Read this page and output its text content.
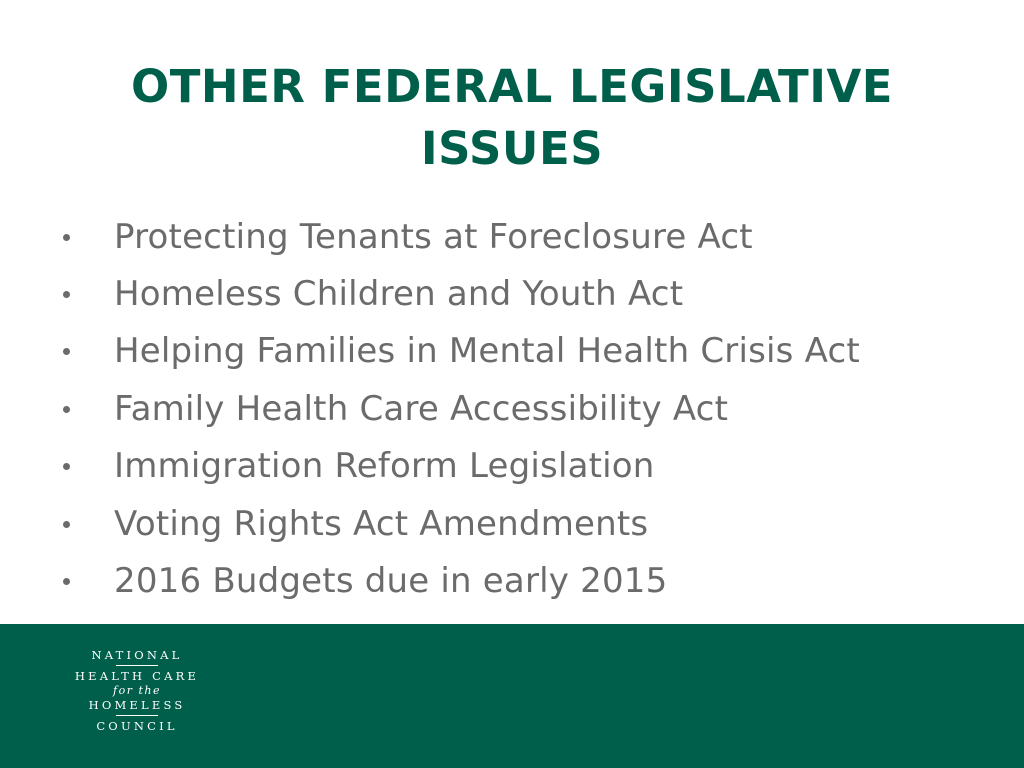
OTHER FEDERAL LEGISLATIVE ISSUES
Protecting Tenants at Foreclosure Act
Homeless Children and Youth Act
Helping Families in Mental Health Crisis Act
Family Health Care Accessibility Act
Immigration Reform Legislation
Voting Rights Act Amendments
2016 Budgets due in early 2015
NATIONAL
HEALTH CARE
for the
HOMELESS
COUNCIL
